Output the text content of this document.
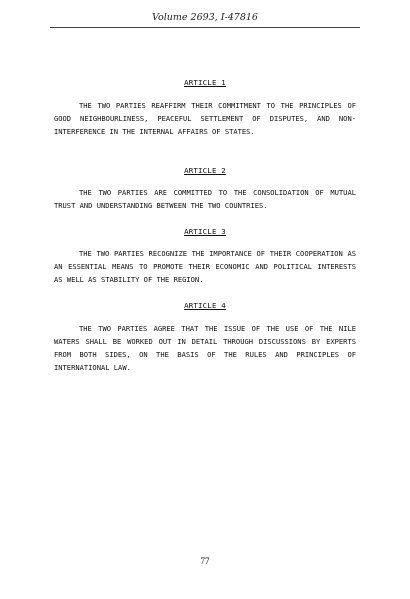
Volume 2693, I-47816
ARTICLE 1

THE TWO PARTIES REAFFIRM THEIR COMMITMENT TO THE PRINCIPLES OF GOOD NEIGHBOURLINESS, PEACEFUL SETTLEMENT OF DISPUTES, AND NON-INTERFERENCE IN THE INTERNAL AFFAIRS OF STATES.

ARTICLE 2

THE TWO PARTIES ARE COMMITTED TO THE CONSOLIDATION OF MUTUAL TRUST AND UNDERSTANDING BETWEEN THE TWO COUNTRIES.

ARTICLE 3

THE TWO PARTIES RECOGNIZE THE IMPORTANCE OF THEIR COOPERATION AS AN ESSENTIAL MEANS TO PROMOTE THEIR ECONOMIC AND POLITICAL INTERESTS AS WELL AS STABILITY OF THE REGION.

ARTICLE 4

THE TWO PARTIES AGREE THAT THE ISSUE OF THE USE OF THE NILE WATERS SHALL BE WORKED OUT IN DETAIL THROUGH DISCUSSIONS BY EXPERTS FROM BOTH SIDES, ON THE BASIS OF THE RULES AND PRINCIPLES OF INTERNATIONAL LAW.

77
